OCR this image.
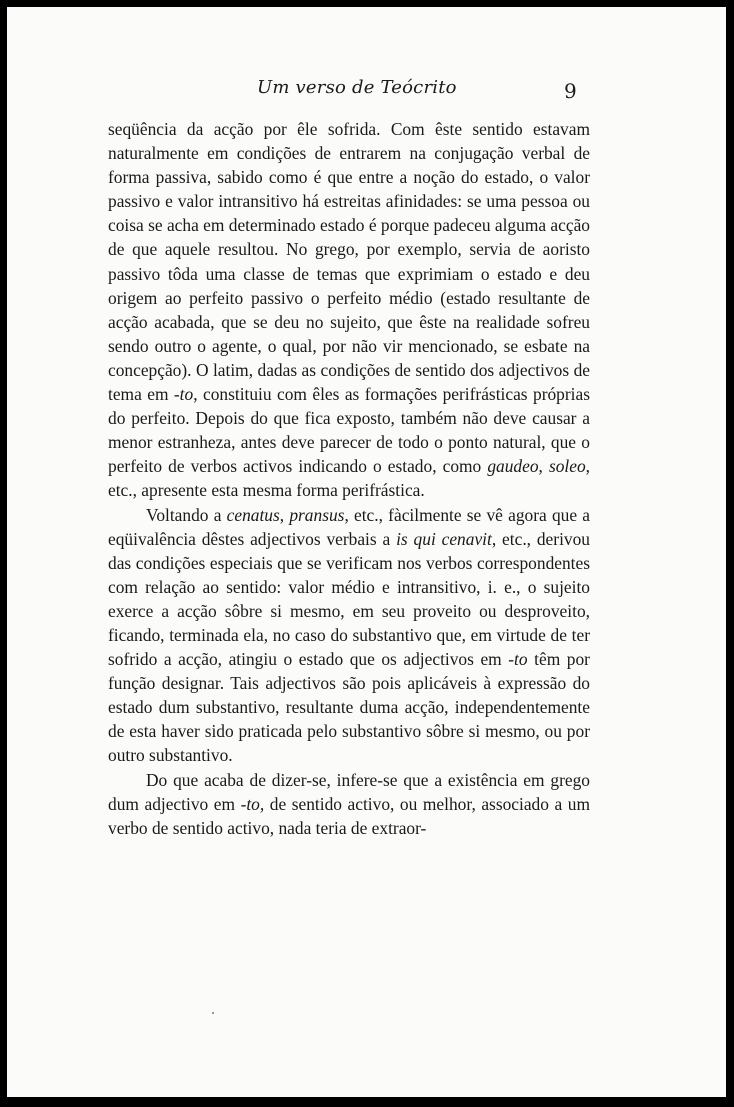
Um verso de Teócrito	9

seqüência da acção por êle sofrida. Com êste sentido estavam naturalmente em condições de entrarem na conjugação verbal de forma passiva, sabido como é que entre a noção do estado, o valor passivo e valor intransitivo há estreitas afinidades: se uma pessoa ou coisa se acha em determinado estado é porque padeceu alguma acção de que aquele resultou. No grego, por exemplo, servia de aoristo passivo tôda uma classe de temas que exprimiam o estado e deu origem ao perfeito passivo o perfeito médio (estado resultante de acção acabada, que se deu no sujeito, que êste na realidade sofreu sendo outro o agente, o qual, por não vir mencionado, se esbate na concepção). O latim, dadas as condições de sentido dos adjectivos de tema em -to, constituiu com êles as formações perifrásticas próprias do perfeito. Depois do que fica exposto, também não deve causar a menor estranheza, antes deve parecer de todo o ponto natural, que o perfeito de verbos activos indicando o estado, como gaudeo, soleo, etc., apresente esta mesma forma perifrástica.

Voltando a cenatus, pransus, etc., fàcilmente se vê agora que a eqüivalência dêstes adjectivos verbais a is qui cenavit, etc., derivou das condições especiais que se verificam nos verbos correspondentes com relação ao sentido: valor médio e intransitivo, i. e., o sujeito exerce a acção sôbre si mesmo, em seu proveito ou desproveito, ficando, terminada ela, no caso do substantivo que, em virtude de ter sofrido a acção, atingiu o estado que os adjectivos em -to têm por função designar. Tais adjectivos são pois aplicáveis à expressão do estado dum substantivo, resultante duma acção, independentemente de esta haver sido praticada pelo substantivo sôbre si mesmo, ou por outro substantivo.

Do que acaba de dizer-se, infere-se que a existência em grego dum adjectivo em -to, de sentido activo, ou melhor, associado a um verbo de sentido activo, nada teria de extraor-
